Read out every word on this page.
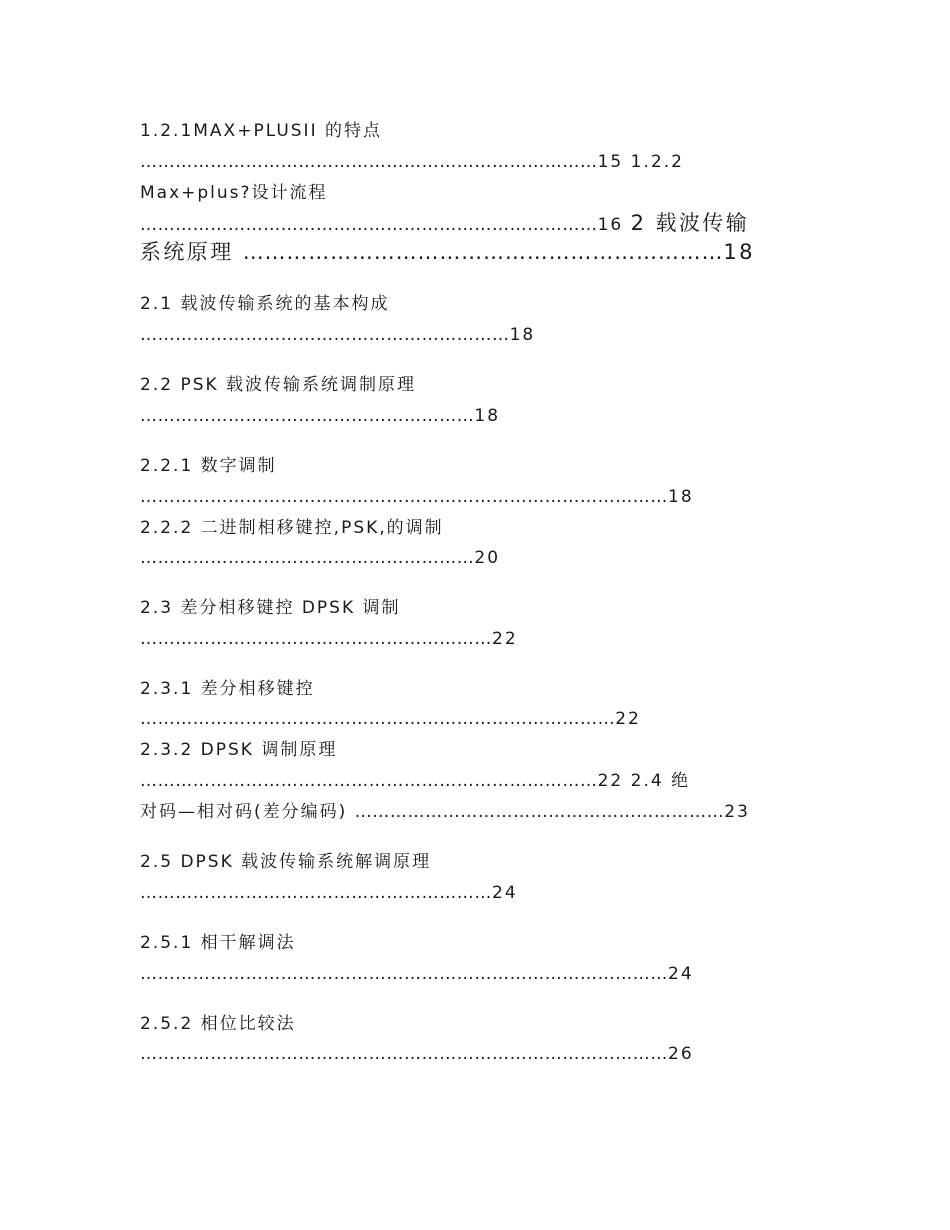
1.2.1MAX+PLUSII 的特点
……………………………………………………………………15 1.2.2
Max+plus?设计流程
……………………………………………………………………16 2 载波传输
系统原理 …………………………………………………………18
2.1 载波传输系统的基本构成
………………………………………………………18
2.2 PSK 载波传输系统调制原理
…………………………………………………18
2.2.1 数字调制
………………………………………………………………………………18
2.2.2 二进制相移键控,PSK,的调制
…………………………………………………20
2.3 差分相移键控 DPSK 调制
……………………………………………………22
2.3.1 差分相移键控
………………………………………………………………………22
2.3.2 DPSK 调制原理
……………………………………………………………………22 2.4 绝
对码—相对码(差分编码) ………………………………………………………23
2.5 DPSK 载波传输系统解调原理
……………………………………………………24
2.5.1 相干解调法
………………………………………………………………………………24
2.5.2 相位比较法
………………………………………………………………………………26
